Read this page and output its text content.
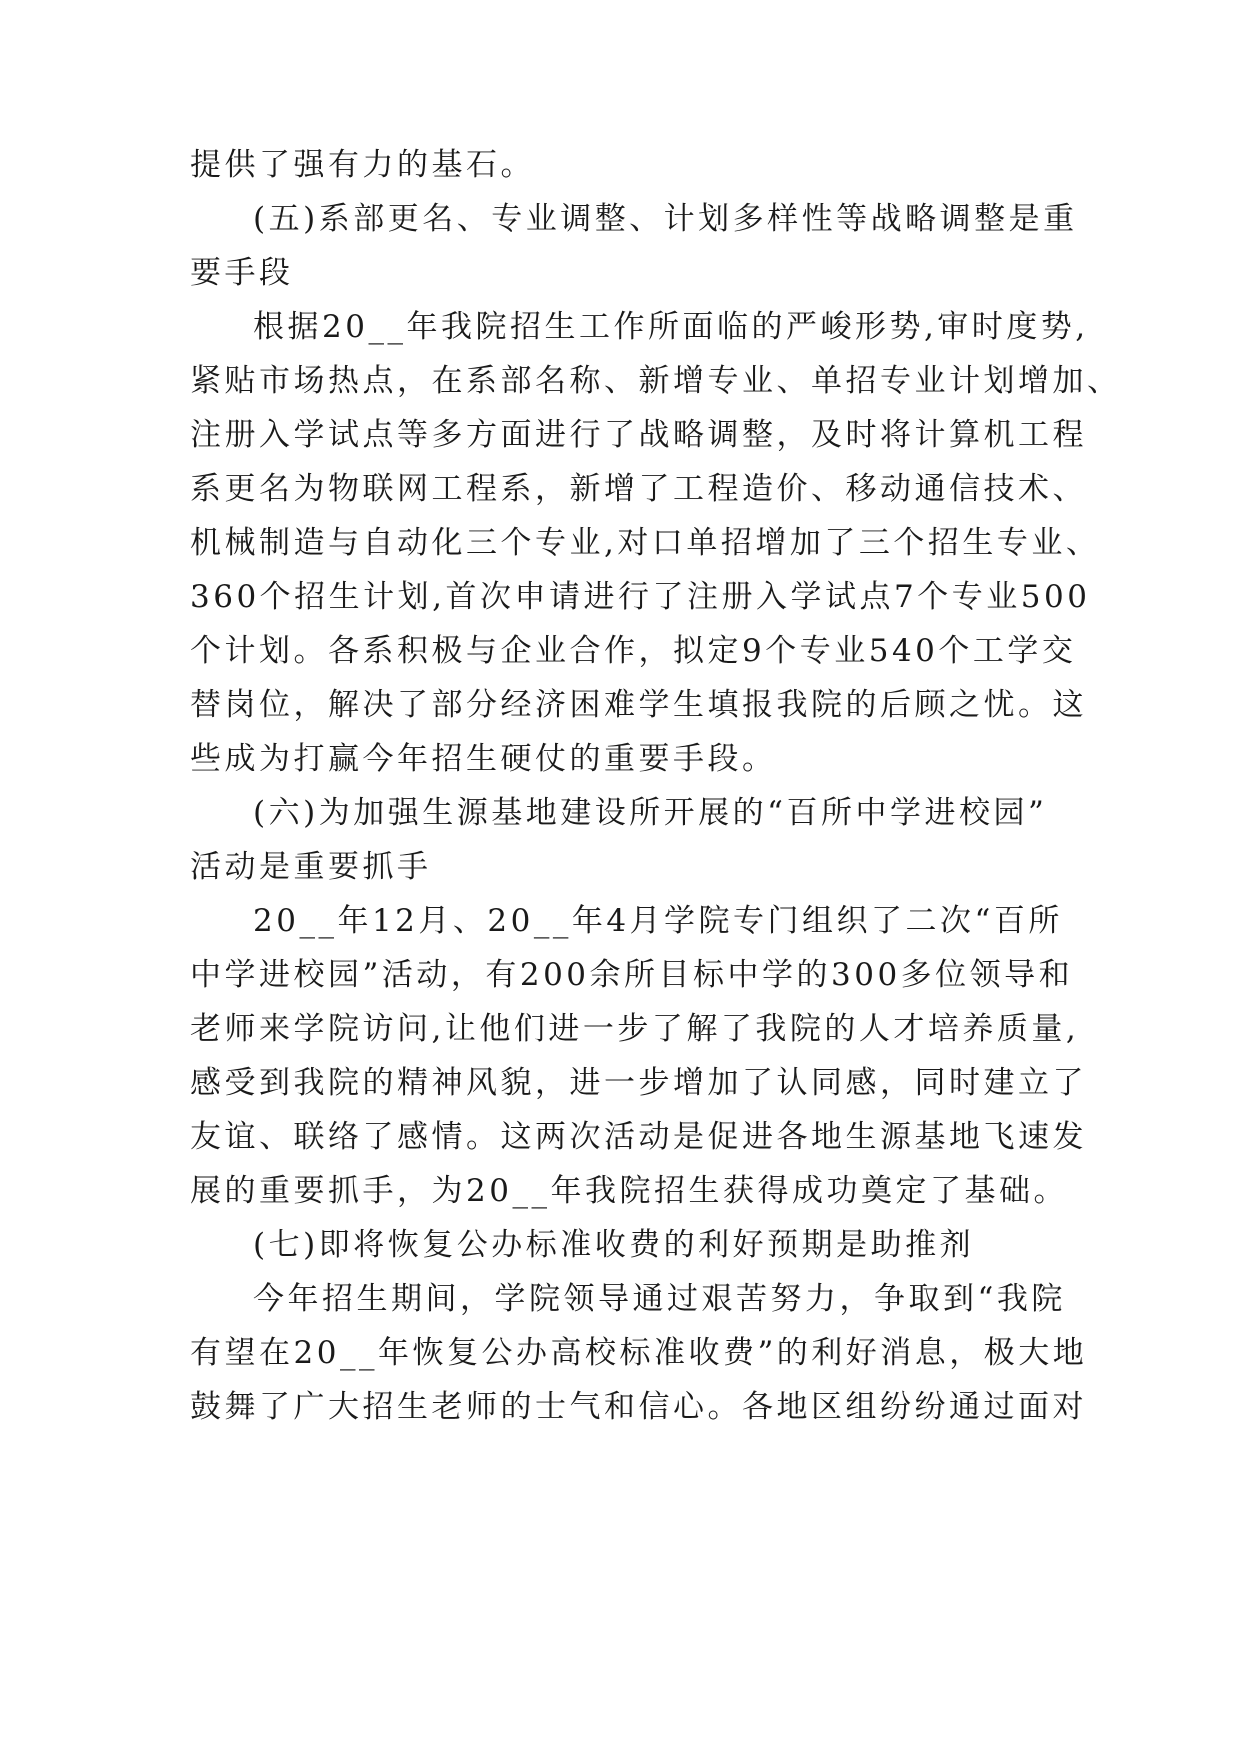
提供了强有力的基石。
(五)系部更名、专业调整、计划多样性等战略调整是重
要手段
根据20__年我院招生工作所面临的严峻形势,审时度势,
紧贴市场热点，在系部名称、新增专业、单招专业计划增加、
注册入学试点等多方面进行了战略调整，及时将计算机工程
系更名为物联网工程系，新增了工程造价、移动通信技术、
机械制造与自动化三个专业,对口单招增加了三个招生专业、
360个招生计划,首次申请进行了注册入学试点7个专业500
个计划。各系积极与企业合作，拟定9个专业540个工学交
替岗位，解决了部分经济困难学生填报我院的后顾之忧。这
些成为打赢今年招生硬仗的重要手段。
(六)为加强生源基地建设所开展的“百所中学进校园”
活动是重要抓手
20__年12月、20__年4月学院专门组织了二次“百所
中学进校园”活动，有200余所目标中学的300多位领导和
老师来学院访问,让他们进一步了解了我院的人才培养质量,
感受到我院的精神风貌，进一步增加了认同感，同时建立了
友谊、联络了感情。这两次活动是促进各地生源基地飞速发
展的重要抓手，为20__年我院招生获得成功奠定了基础。
(七)即将恢复公办标准收费的利好预期是助推剂
今年招生期间，学院领导通过艰苦努力，争取到“我院
有望在20__年恢复公办高校标准收费”的利好消息，极大地
鼓舞了广大招生老师的士气和信心。各地区组纷纷通过面对
